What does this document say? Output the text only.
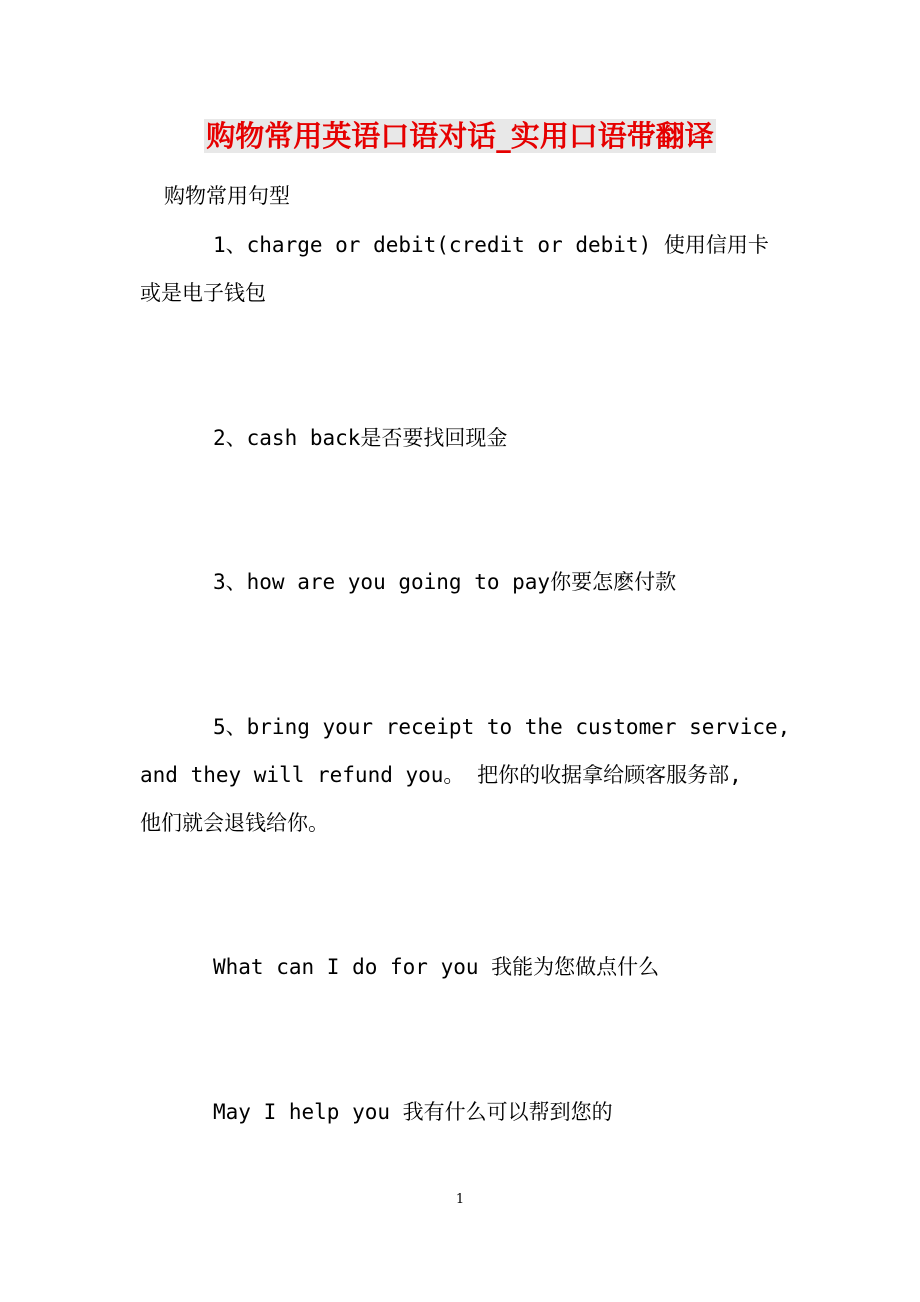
购物常用英语口语对话_实用口语带翻译
购物常用句型
1、charge or debit(credit or debit) 使用信用卡
或是电子钱包
2、cash back是否要找回现金
3、how are you going to pay你要怎麽付款
5、bring your receipt to the customer service,
and they will refund you。 把你的收据拿给顾客服务部,
他们就会退钱给你。
What can I do for you 我能为您做点什么
May I help you 我有什么可以帮到您的
1
